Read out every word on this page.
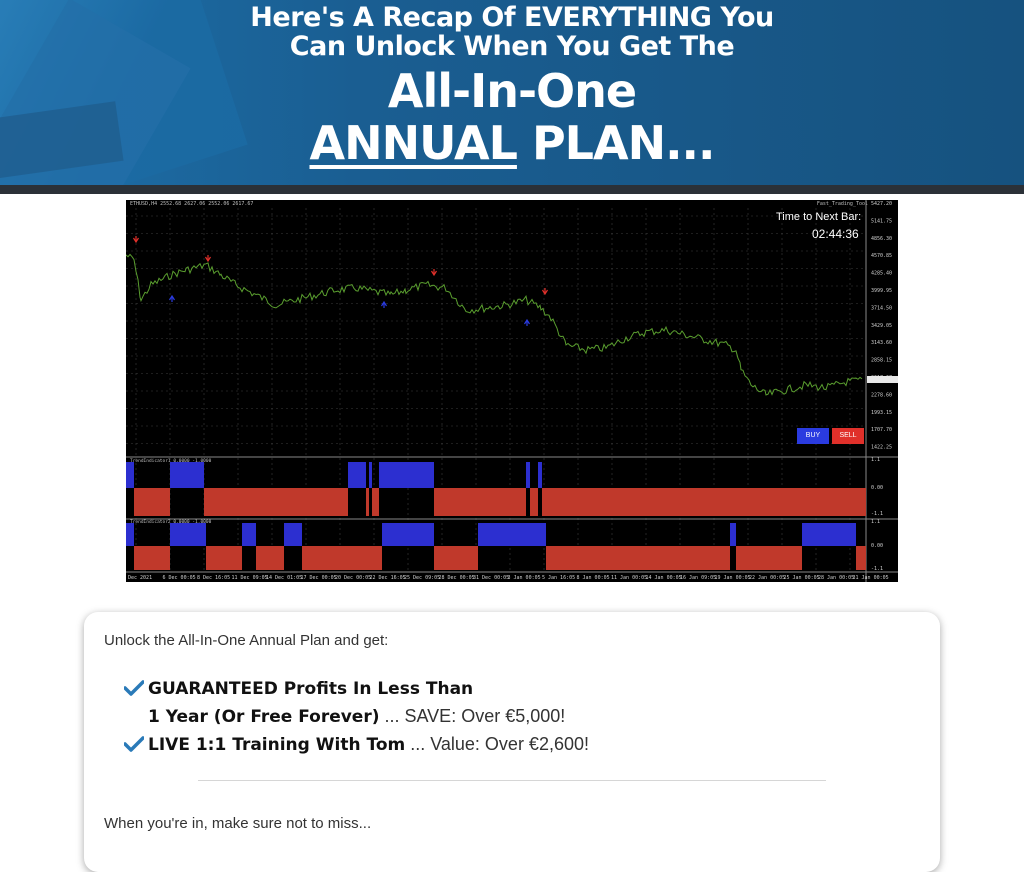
Here's A Recap Of EVERYTHING You
Can Unlock When You Get The
All-In-One
ANNUAL PLAN...
5427.20
5141.75
4856.30
4570.85
4285.40
3999.95
3714.50
3429.05
3143.60
2858.15
2278.60
1993.15
1707.70
1422.25
1.1
0.00
-1.1
1.1
0.00
-1.1
Dec 2021 6 Dec 00:05 8 Dec 16:05 11 Dec 09:05
14 Dec 01:05
17 Dec 00:05
20 Dec 00:05
22 Dec 16:05
25 Dec 09:05
28 Dec 00:05
31 Dec 00:05
3 Jan 00:05 5 Jan 16:05 8 Jan 00:05 11 Jan 00:05
14 Jan 00:05
16 Jan 09:05
19 Jan 00:05
22 Jan 00:05
25 Jan 00:05
28 Jan 00:05
31 Jan 00:05
ETHUSD,H4 2552.68 2627.06 2552.06 2617.67	Fast_Trading_Tool
Time to Next Bar:
02:44:36
BUY	SELL
TrendIndicator1 0.0000 -1.0000
TrendIndicator2 0.0000 -1.0000
Unlock the All-In-One Annual Plan and get:
GUARANTEED Profits In Less Than
1 Year (Or Free Forever) ... SAVE: Over €5,000!
LIVE 1:1 Training With Tom ... Value: Over €2,600!
When you're in, make sure not to miss...
